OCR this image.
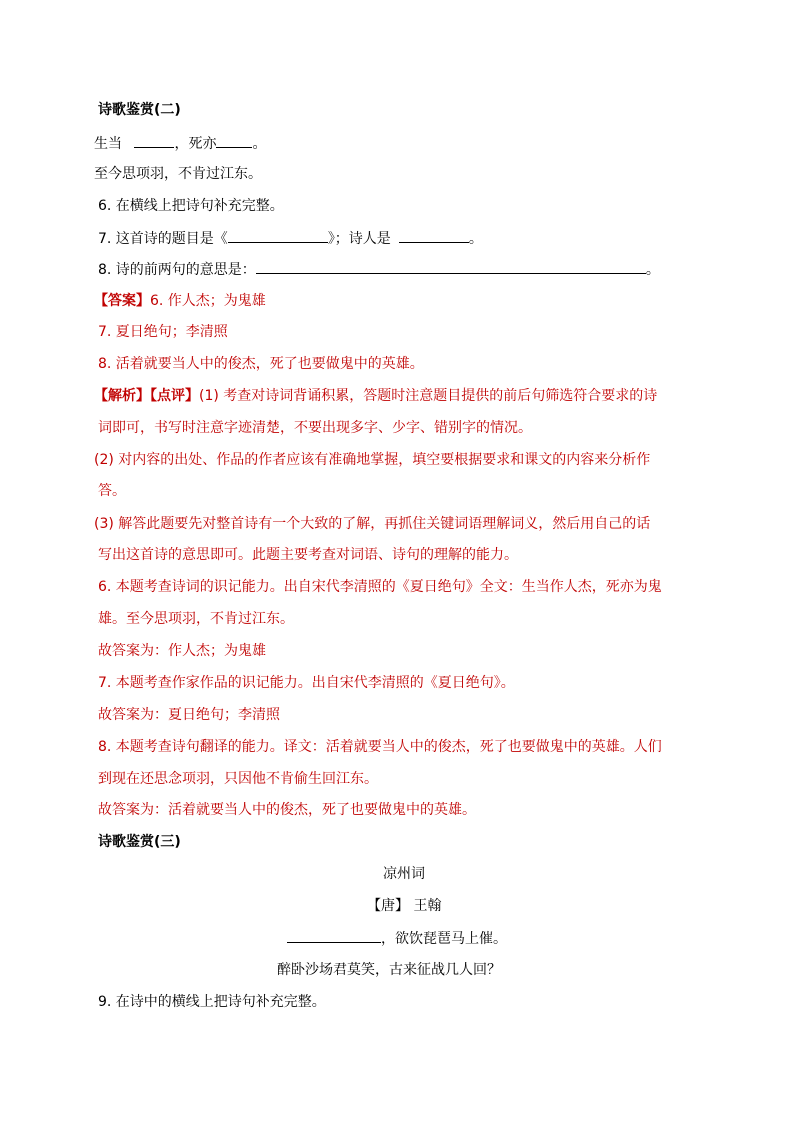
诗歌鉴赏(二)
生当	，死亦	。
至今思项羽，不肯过江东。
6. 在横线上把诗句补充完整。
7. 这首诗的题目是《	》；诗人是	。
8. 诗的前两句的意思是：	。
【答案】6. 作人杰；为鬼雄
7. 夏日绝句；李清照
8. 活着就要当人中的俊杰，死了也要做鬼中的英雄。
【解析】【点评】(1) 考查对诗词背诵积累，答题时注意题目提供的前后句筛选符合要求的诗
词即可，书写时注意字迹清楚，不要出现多字、少字、错别字的情况。
(2) 对内容的出处、作品的作者应该有准确地掌握，填空要根据要求和课文的内容来分析作
答。
(3) 解答此题要先对整首诗有一个大致的了解，再抓住关键词语理解词义，然后用自己的话
写出这首诗的意思即可。此题主要考查对词语、诗句的理解的能力。
6. 本题考查诗词的识记能力。出自宋代李清照的《夏日绝句》全文：生当作人杰，死亦为鬼
雄。至今思项羽，不肯过江东。
故答案为：作人杰；为鬼雄
7. 本题考查作家作品的识记能力。出自宋代李清照的《夏日绝句》。
故答案为：夏日绝句；李清照
8. 本题考查诗句翻译的能力。译文：活着就要当人中的俊杰，死了也要做鬼中的英雄。人们
到现在还思念项羽，只因他不肯偷生回江东。
故答案为：活着就要当人中的俊杰，死了也要做鬼中的英雄。
诗歌鉴赏(三)
凉州词
【唐】 王翰
，欲饮琵琶马上催。
醉卧沙场君莫笑，古来征战几人回？
9. 在诗中的横线上把诗句补充完整。
